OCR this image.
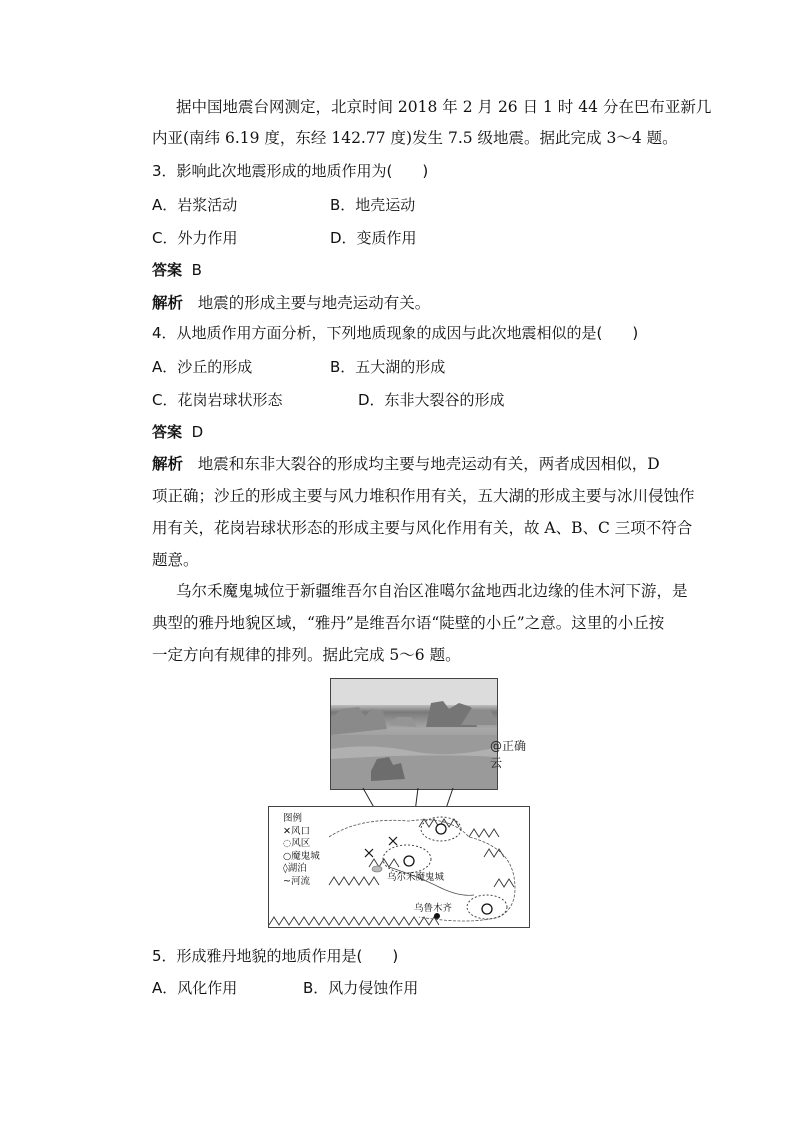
据中国地震台网测定，北京时间 2018 年 2 月 26 日 1 时 44 分在巴布亚新几
内亚(南纬 6.19 度，东经 142.77 度)发生 7.5 级地震。据此完成 3～4 题。
3．影响此次地震形成的地质作用为(　　)
A．岩浆活动	B．地壳运动
C．外力作用	D．变质作用
答案 B
解析 地震的形成主要与地壳运动有关。
4．从地质作用方面分析，下列地质现象的成因与此次地震相似的是(　　)
A．沙丘的形成	B．五大湖的形成
C．花岗岩球状形态	D．东非大裂谷的形成
答案 D
解析 地震和东非大裂谷的形成均主要与地壳运动有关，两者成因相似，D
项正确；沙丘的形成主要与风力堆积作用有关，五大湖的形成主要与冰川侵蚀作
用有关，花岗岩球状形态的形成主要与风化作用有关，故 A、B、C 三项不符合
题意。
乌尔禾魔鬼城位于新疆维吾尔自治区准噶尔盆地西北边缘的佳木河下游，是
典型的雅丹地貌区域，“雅丹”是维吾尔语“陡壁的小丘”之意。这里的小丘按
一定方向有规律的排列。据此完成 5～6 题。
@正确云
图例
✕风口
◌风区
○魔鬼城
◊湖泊
~河流	乌尔禾魔鬼城
乌鲁木齐
5．形成雅丹地貌的地质作用是(　　)
A．风化作用	B．风力侵蚀作用
